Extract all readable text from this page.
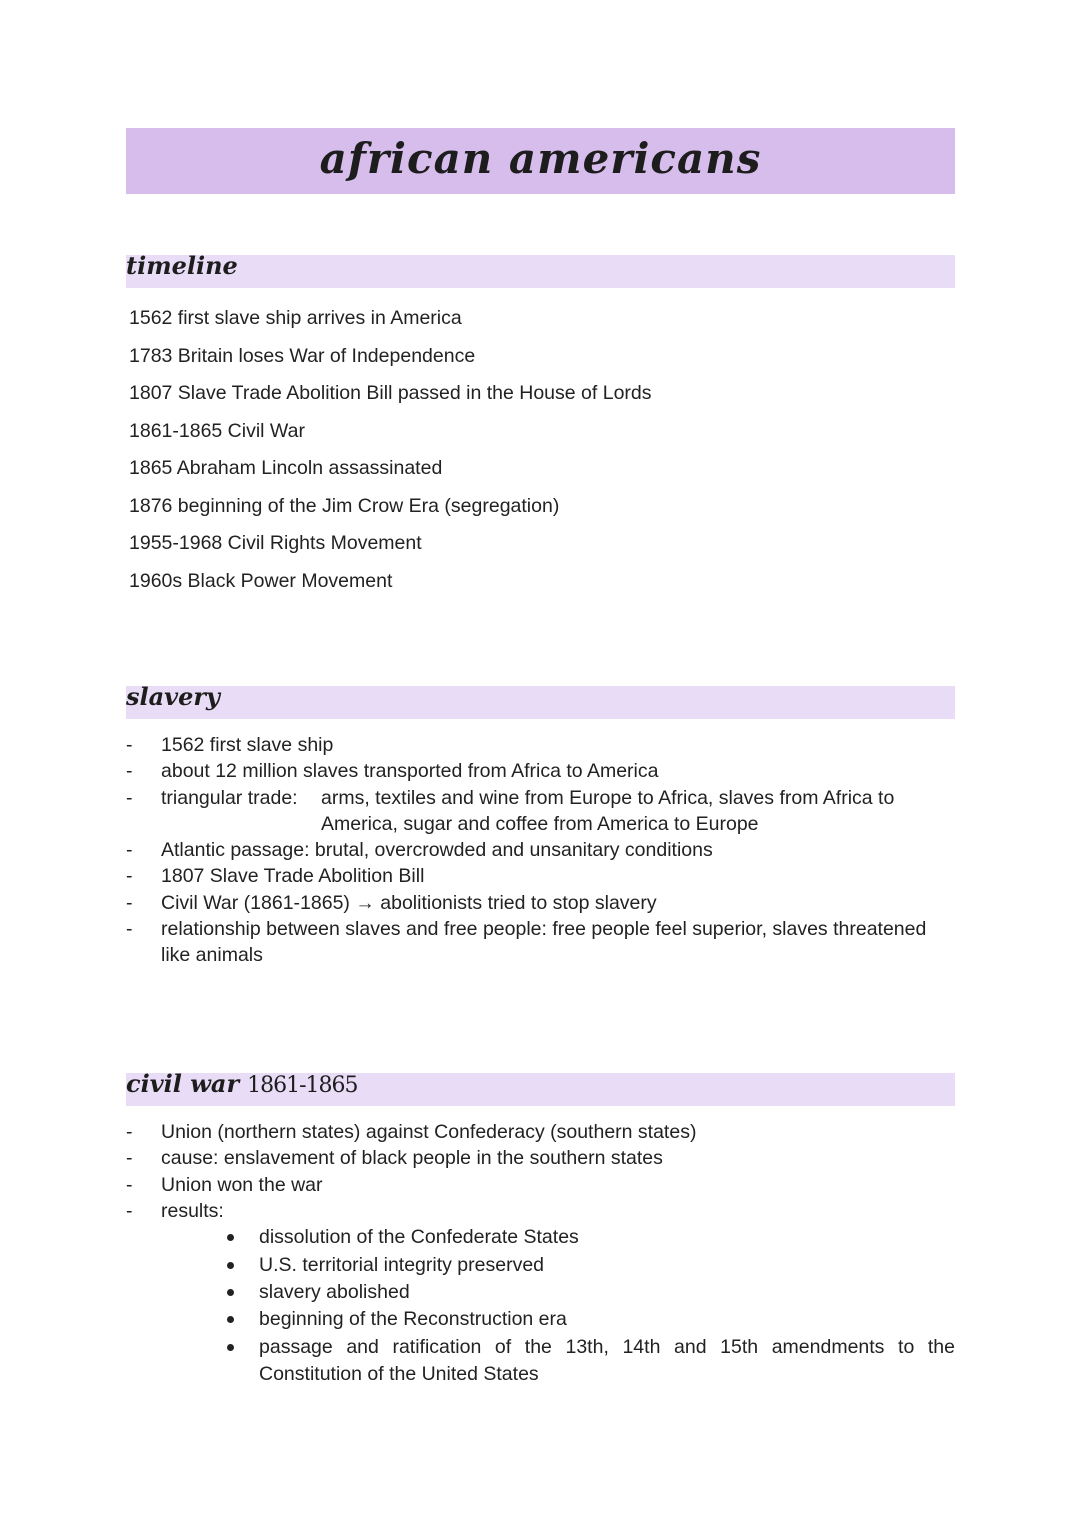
african americans
timeline
1562 first slave ship arrives in America
1783 Britain loses War of Independence
1807 Slave Trade Abolition Bill passed in the House of Lords
1861-1865 Civil War
1865 Abraham Lincoln assassinated
1876 beginning of the Jim Crow Era (segregation)
1955-1968 Civil Rights Movement
1960s Black Power Movement
slavery
- 1562 first slave ship
- about 12 million slaves transported from Africa to America
- triangular trade:	arms, textiles and wine from Europe to Africa, slaves from Africa to America, sugar and coffee from America to Europe
- Atlantic passage: brutal, overcrowded and unsanitary conditions
- 1807 Slave Trade Abolition Bill
- Civil War (1861-1865) → abolitionists tried to stop slavery
- relationship between slaves and free people: free people feel superior, slaves threatened like animals
civil war 1861-1865
- Union (northern states) against Confederacy (southern states)
- cause: enslavement of black people in the southern states
- Union won the war
- results:
dissolution of the Confederate States
U.S. territorial integrity preserved
slavery abolished
beginning of the Reconstruction era
passage and ratification of the 13th, 14th and 15th amendments to the Constitution of the United States
